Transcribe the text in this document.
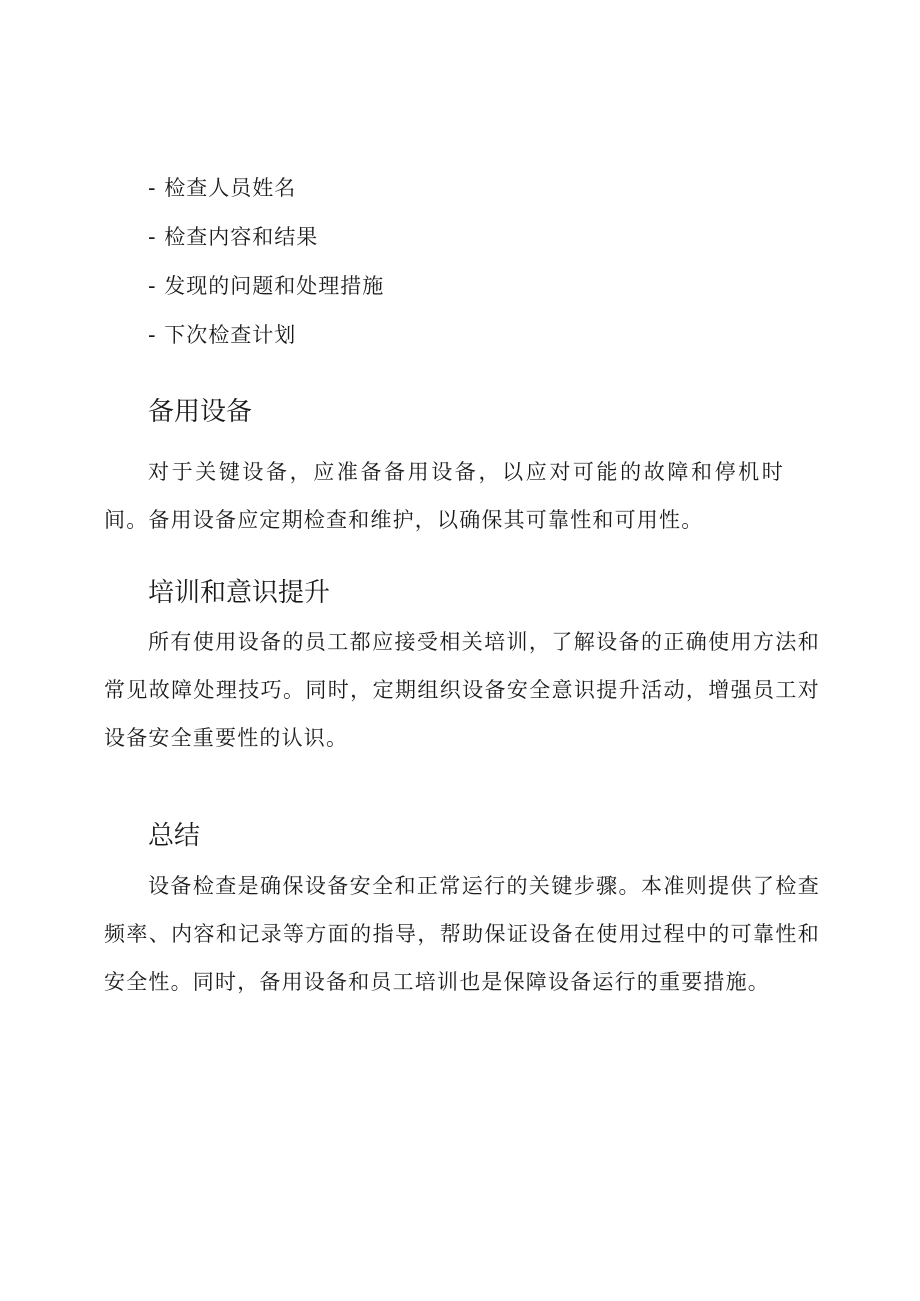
- 检查人员姓名
- 检查内容和结果
- 发现的问题和处理措施
- 下次检查计划
备用设备

对于关键设备，应准备备用设备，以应对可能的故障和停机时间。备用设备应定期检查和维护，以确保其可靠性和可用性。

培训和意识提升

所有使用设备的员工都应接受相关培训，了解设备的正确使用方法和常见故障处理技巧。同时，定期组织设备安全意识提升活动，增强员工对设备安全重要性的认识。

总结

设备检查是确保设备安全和正常运行的关键步骤。本准则提供了检查频率、内容和记录等方面的指导，帮助保证设备在使用过程中的可靠性和安全性。同时，备用设备和员工培训也是保障设备运行的重要措施。
